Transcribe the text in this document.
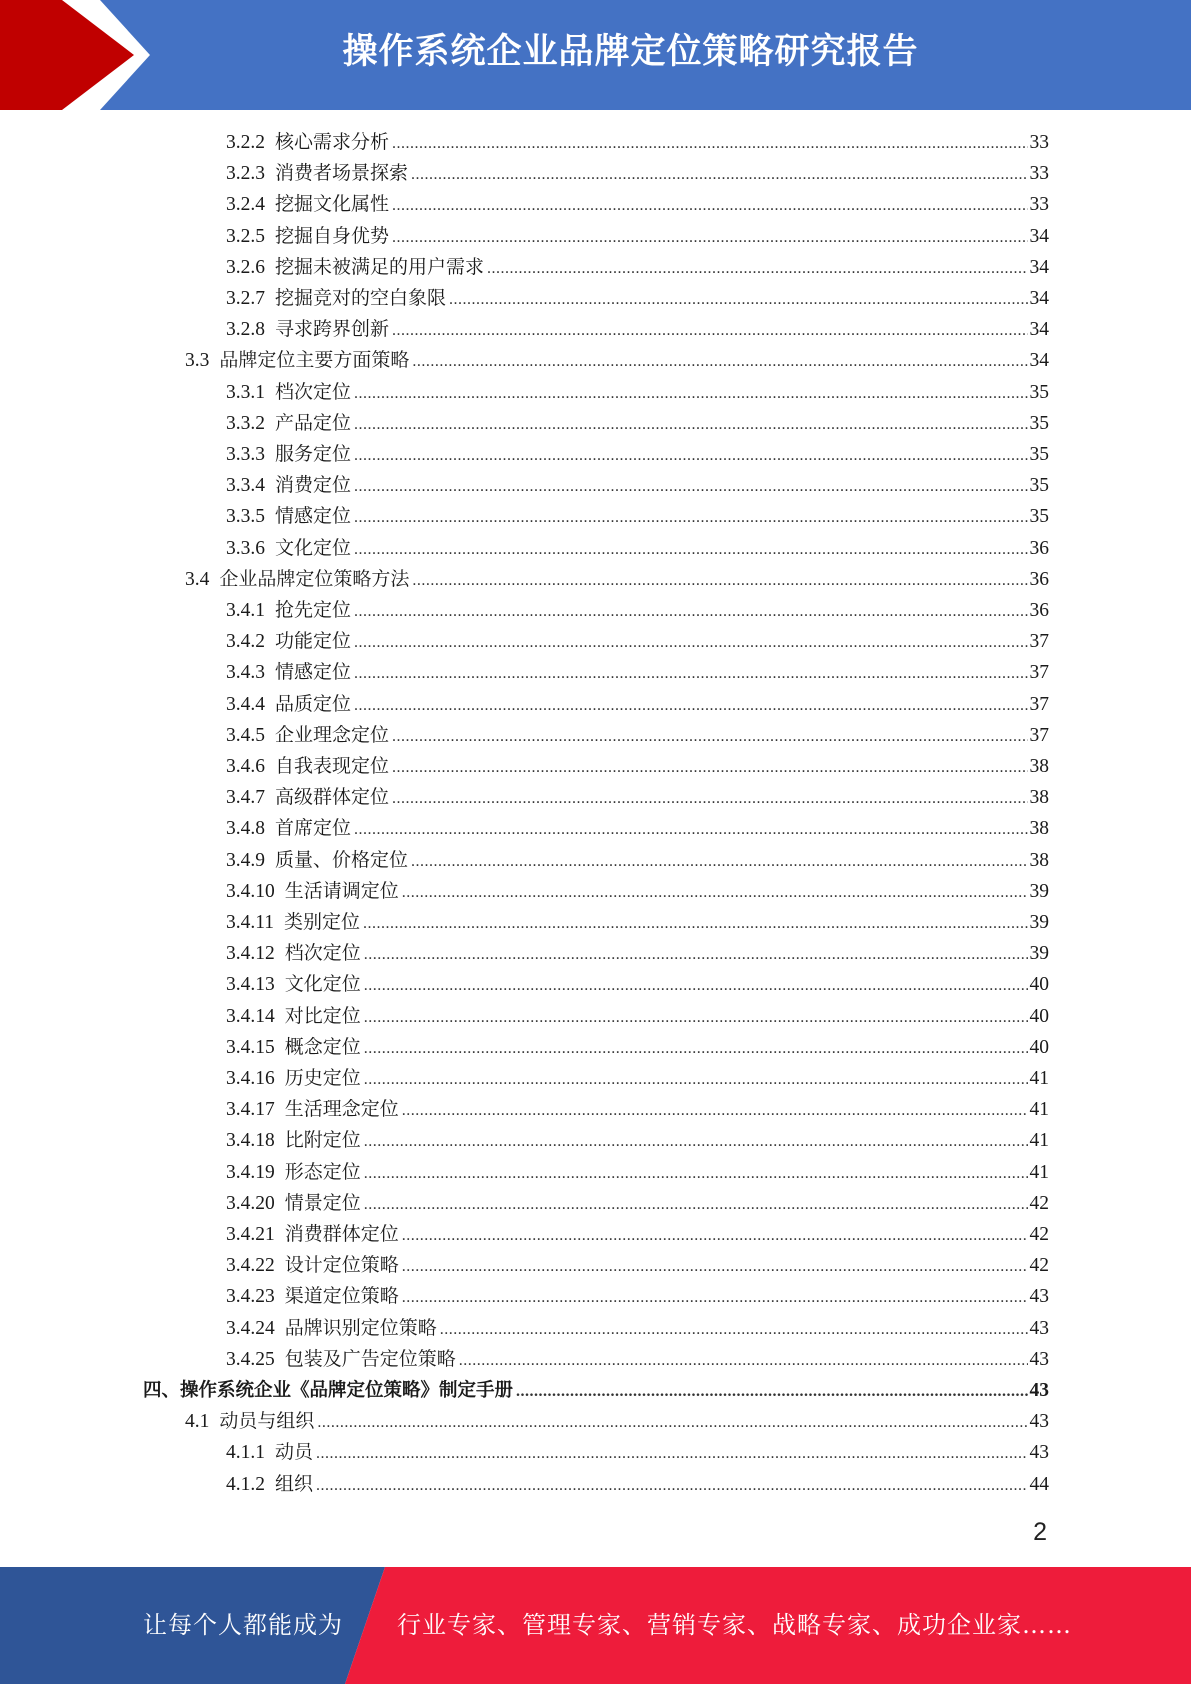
操作系统企业品牌定位策略研究报告
3.2.2 核心需求分析 .....	33
3.2.3 消费者场景探索 .....	33
3.2.4 挖掘文化属性 .....	33
3.2.5 挖掘自身优势 .....	34
3.2.6 挖掘未被满足的用户需求 .....	34
3.2.7 挖掘竞对的空白象限 .....	34
3.2.8 寻求跨界创新 .....	34
3.3 品牌定位主要方面策略 .....	34
3.3.1 档次定位 .....	35
3.3.2 产品定位 .....	35
3.3.3 服务定位 .....	35
3.3.4 消费定位 .....	35
3.3.5 情感定位 .....	35
3.3.6 文化定位 .....	36
3.4 企业品牌定位策略方法 .....	36
3.4.1 抢先定位 .....	36
3.4.2 功能定位 .....	37
3.4.3 情感定位 .....	37
3.4.4 品质定位 .....	37
3.4.5 企业理念定位 .....	37
3.4.6 自我表现定位 .....	38
3.4.7 高级群体定位 .....	38
3.4.8 首席定位 .....	38
3.4.9 质量、价格定位 .....	38
3.4.10 生活请调定位 .....	39
3.4.11 类别定位 .....	39
3.4.12 档次定位 .....	39
3.4.13 文化定位 .....	40
3.4.14 对比定位 .....	40
3.4.15 概念定位 .....	40
3.4.16 历史定位 .....	41
3.4.17 生活理念定位 .....	41
3.4.18 比附定位 .....	41
3.4.19 形态定位 .....	41
3.4.20 情景定位 .....	42
3.4.21 消费群体定位 .....	42
3.4.22 设计定位策略 .....	42
3.4.23 渠道定位策略 .....	43
3.4.24 品牌识别定位策略 .....	43
3.4.25 包装及广告定位策略 .....	43
四、操作系统企业《品牌定位策略》制定手册 .....	43
4.1 动员与组织 .....	43
4.1.1 动员 .....	43
4.1.2 组织 .....	44
2
让每个人都能成为 行业专家、管理专家、营销专家、战略专家、成功企业家……
